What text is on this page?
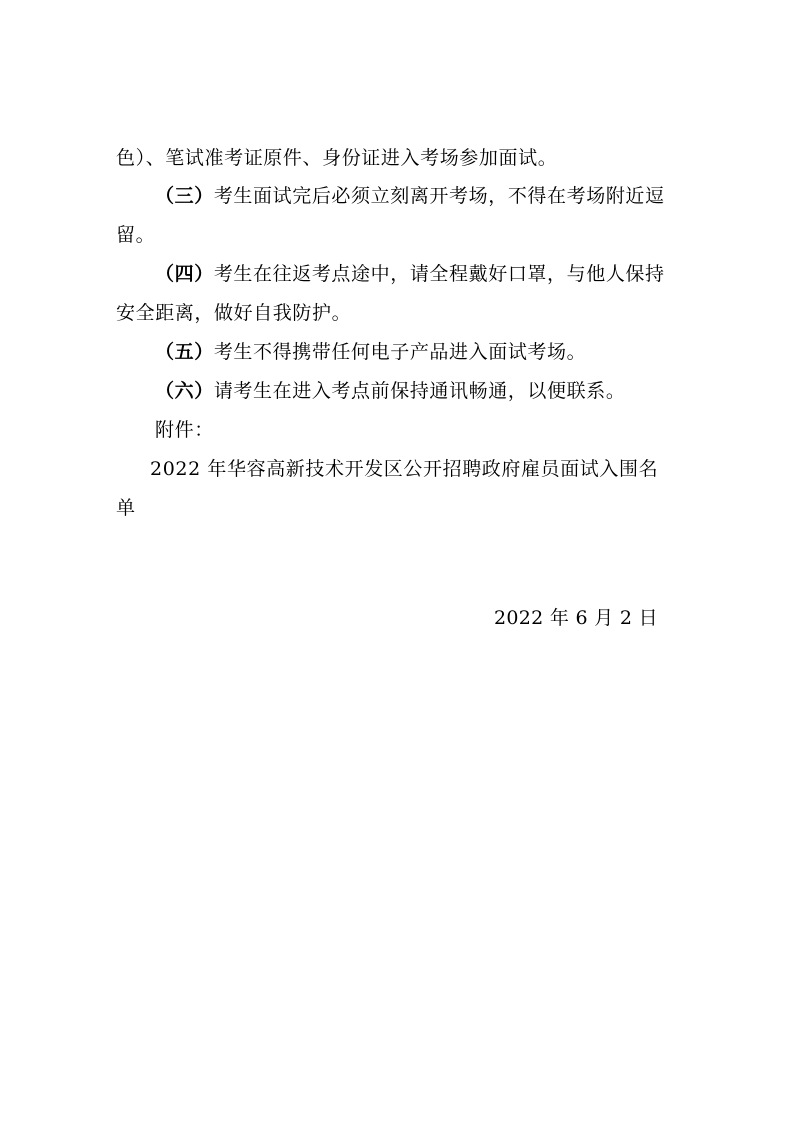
色）、笔试准考证原件、身份证进入考场参加面试。
（三）考生面试完后必须立刻离开考场，不得在考场附近逗
留。
（四）考生在往返考点途中，请全程戴好口罩，与他人保持
安全距离，做好自我防护。
（五）考生不得携带任何电子产品进入面试考场。
（六）请考生在进入考点前保持通讯畅通，以便联系。
附件：
2022 年华容高新技术开发区公开招聘政府雇员面试入围名
单
2022 年 6 月 2 日
